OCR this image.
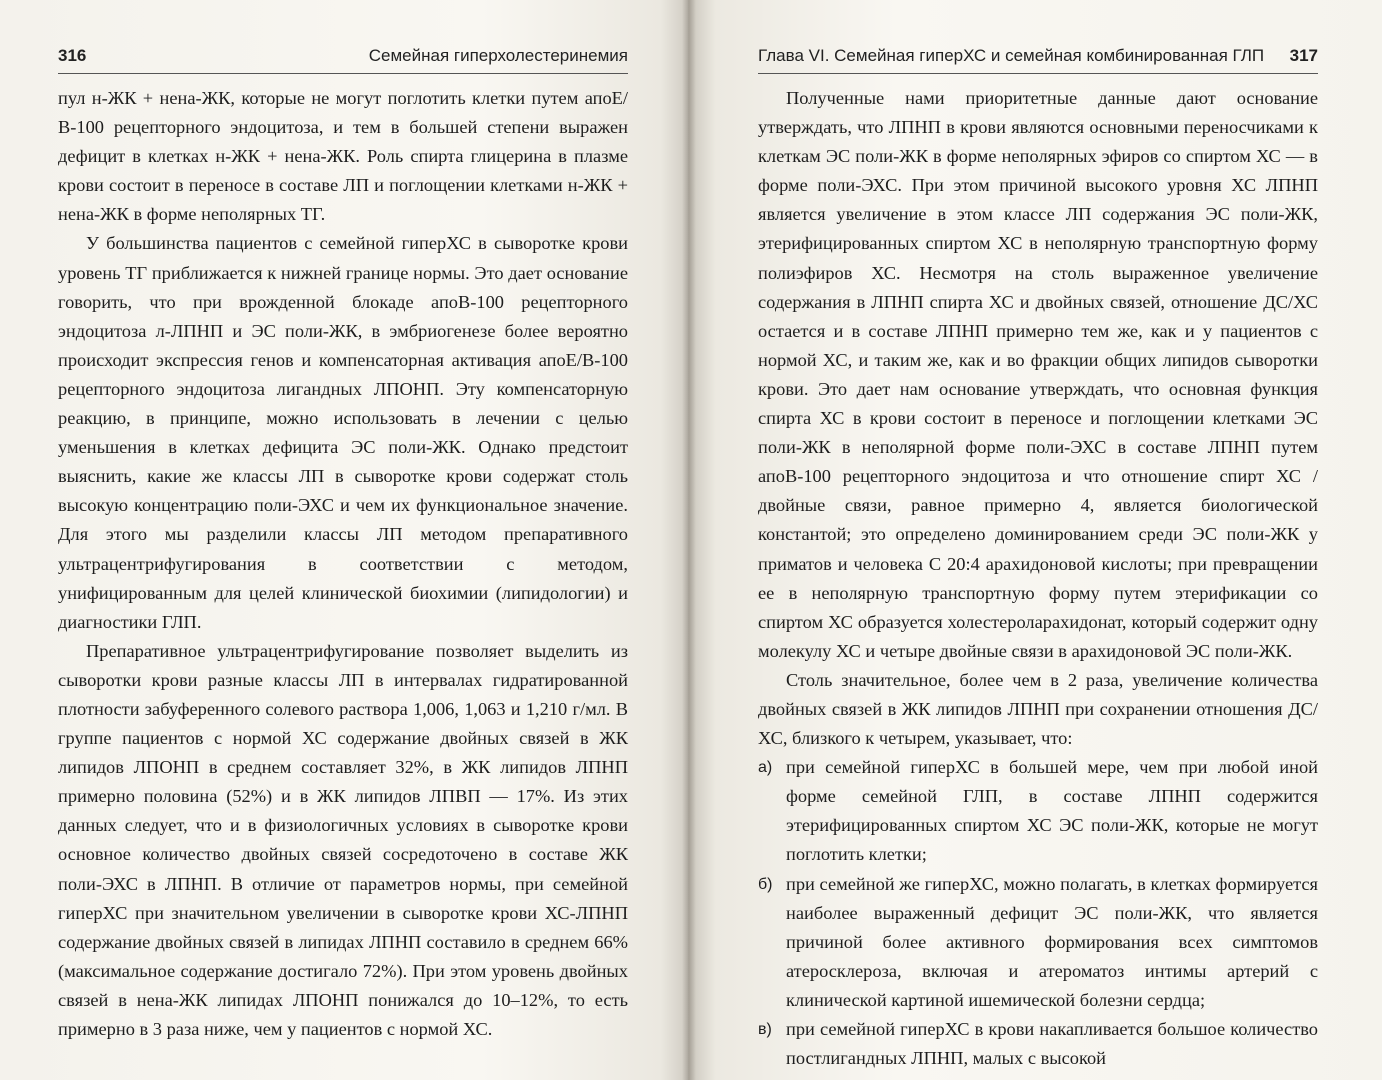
316	Семейная гиперхолестеринемия

пул н-ЖК + нена-ЖК, которые не могут поглотить клетки путем апоЕ/В-100 рецепторного эндоцитоза, и тем в большей степени выражен дефицит в клетках н-ЖК + нена-ЖК. Роль спирта глицерина в плазме крови состоит в переносе в составе ЛП и поглощении клетками н-ЖК + нена-ЖК в форме неполярных ТГ.

У большинства пациентов с семейной гиперХС в сыворотке крови уровень ТГ приближается к нижней границе нормы. Это дает основание говорить, что при врожденной блокаде апоВ-100 рецепторного эндоцитоза л-ЛПНП и ЭС поли-ЖК, в эмбриогенезе более вероятно происходит экспрессия генов и компенсаторная активация апоЕ/В-100 рецепторного эндоцитоза лигандных ЛПОНП. Эту компенсаторную реакцию, в принципе, можно использовать в лечении с целью уменьшения в клетках дефицита ЭС поли-ЖК. Однако предстоит выяснить, какие же классы ЛП в сыворотке крови содержат столь высокую концентрацию поли-ЭХС и чем их функциональное значение. Для этого мы разделили классы ЛП методом препаративного ультрацентрифугирования в соответствии с методом, унифицированным для целей клинической биохимии (липидологии) и диагностики ГЛП.

Препаративное ультрацентрифугирование позволяет выделить из сыворотки крови разные классы ЛП в интервалах гидратированной плотности забуференного солевого раствора 1,006, 1,063 и 1,210 г/мл. В группе пациентов с нормой ХС содержание двойных связей в ЖК липидов ЛПОНП в среднем составляет 32%, в ЖК липидов ЛПНП примерно половина (52%) и в ЖК липидов ЛПВП — 17%. Из этих данных следует, что и в физиологичных условиях в сыворотке крови основное количество двойных связей сосредоточено в составе ЖК поли-ЭХС в ЛПНП. В отличие от параметров нормы, при семейной гиперХС при значительном увеличении в сыворотке крови ХС-ЛПНП содержание двойных связей в липидах ЛПНП составило в среднем 66% (максимальное содержание достигало 72%). При этом уровень двойных связей в нена-ЖК липидах ЛПОНП понижался до 10–12%, то есть примерно в 3 раза ниже, чем у пациентов с нормой ХС.

Глава VI. Семейная гиперХС и семейная комбинированная ГЛП 317

Полученные нами приоритетные данные дают основание утверждать, что ЛПНП в крови являются основными переносчиками к клеткам ЭС поли-ЖК в форме неполярных эфиров со спиртом ХС — в форме поли-ЭХС. При этом причиной высокого уровня ХС ЛПНП является увеличение в этом классе ЛП содержания ЭС поли-ЖК, этерифицированных спиртом ХС в неполярную транспортную форму полиэфиров ХС. Несмотря на столь выраженное увеличение содержания в ЛПНП спирта ХС и двойных связей, отношение ДС/ХС остается и в составе ЛПНП примерно тем же, как и у пациентов с нормой ХС, и таким же, как и во фракции общих липидов сыворотки крови. Это дает нам основание утверждать, что основная функция спирта ХС в крови состоит в переносе и поглощении клетками ЭС поли-ЖК в неполярной форме поли-ЭХС в составе ЛПНП путем апоВ-100 рецепторного эндоцитоза и что отношение спирт ХС / двойные связи, равное примерно 4, является биологической константой; это определено доминированием среди ЭС поли-ЖК у приматов и человека С 20:4 арахидоновой кислоты; при превращении ее в неполярную транспортную форму путем этерификации со спиртом ХС образуется холестероларахидонат, который содержит одну молекулу ХС и четыре двойные связи в арахидоновой ЭС поли-ЖК.

Столь значительное, более чем в 2 раза, увеличение количества двойных связей в ЖК липидов ЛПНП при сохранении отношения ДС/ХС, близкого к четырем, указывает, что:

а) при семейной гиперХС в большей мере, чем при любой иной форме семейной ГЛП, в составе ЛПНП содержится этерифицированных спиртом ХС ЭС поли-ЖК, которые не могут поглотить клетки;
б) при семейной же гиперХС, можно полагать, в клетках формируется наиболее выраженный дефицит ЭС поли-ЖК, что является причиной более активного формирования всех симптомов атеросклероза, включая и атероматоз интимы артерий с клинической картиной ишемической болезни сердца;
в) при семейной гиперХС в крови накапливается большое количество постлигандных ЛПНП, малых с высокой
